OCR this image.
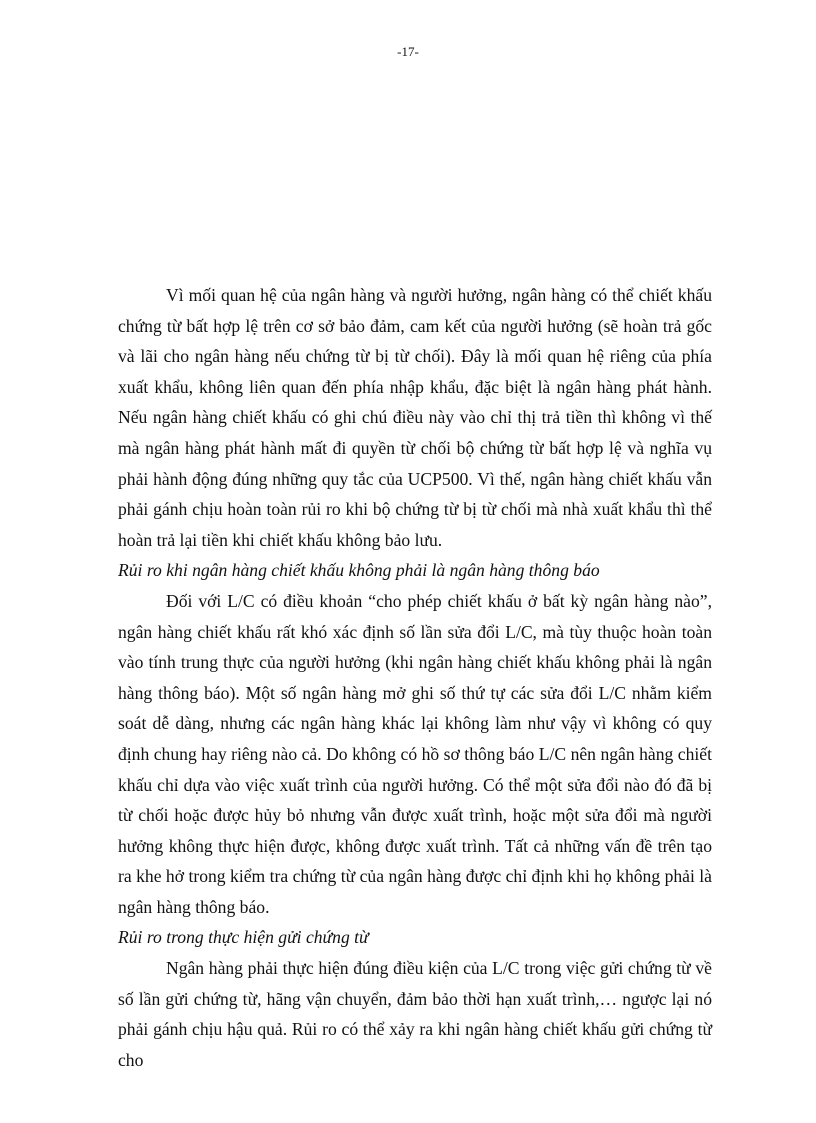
-17-

Vì mối quan hệ của ngân hàng và người hưởng, ngân hàng có thể chiết khấu chứng từ bất hợp lệ trên cơ sở bảo đảm, cam kết của người hưởng (sẽ hoàn trả gốc và lãi cho ngân hàng nếu chứng từ bị từ chối). Đây là mối quan hệ riêng của phía xuất khẩu, không liên quan đến phía nhập khẩu, đặc biệt là ngân hàng phát hành. Nếu ngân hàng chiết khấu có ghi chú điều này vào chỉ thị trả tiền thì không vì thế mà ngân hàng phát hành mất đi quyền từ chối bộ chứng từ bất hợp lệ và nghĩa vụ phải hành động đúng những quy tắc của UCP500. Vì thế, ngân hàng chiết khấu vẫn phải gánh chịu hoàn toàn rủi ro khi bộ chứng từ bị từ chối mà nhà xuất khẩu thì thể hoàn trả lại tiền khi chiết khấu không bảo lưu.

Rủi ro khi ngân hàng chiết khấu không phải là ngân hàng thông báo

Đối với L/C có điều khoản “cho phép chiết khấu ở bất kỳ ngân hàng nào”, ngân hàng chiết khấu rất khó xác định số lần sửa đổi L/C, mà tùy thuộc hoàn toàn vào tính trung thực của người hưởng (khi ngân hàng chiết khấu không phải là ngân hàng thông báo). Một số ngân hàng mở ghi số thứ tự các sửa đổi L/C nhằm kiểm soát dễ dàng, nhưng các ngân hàng khác lại không làm như vậy vì không có quy định chung hay riêng nào cả. Do không có hồ sơ thông báo L/C nên ngân hàng chiết khấu chỉ dựa vào việc xuất trình của người hưởng. Có thể một sửa đổi nào đó đã bị từ chối hoặc được hủy bỏ nhưng vẫn được xuất trình, hoặc một sửa đổi mà người hưởng không thực hiện được, không được xuất trình. Tất cả những vấn đề trên tạo ra khe hở trong kiểm tra chứng từ của ngân hàng được chỉ định khi họ không phải là ngân hàng thông báo.

Rủi ro trong thực hiện gửi chứng từ

Ngân hàng phải thực hiện đúng điều kiện của L/C trong việc gửi chứng từ về số lần gửi chứng từ, hãng vận chuyển, đảm bảo thời hạn xuất trình,… ngược lại nó phải gánh chịu hậu quả. Rủi ro có thể xảy ra khi ngân hàng chiết khấu gửi chứng từ cho
